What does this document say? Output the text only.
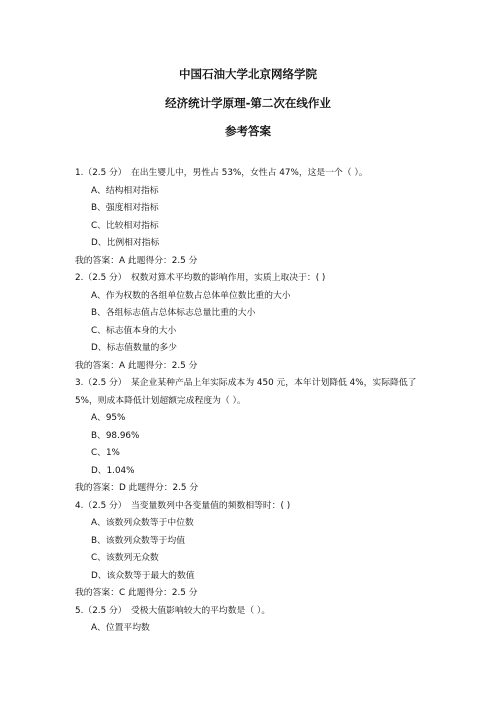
中国石油大学北京网络学院
经济统计学原理-第二次在线作业
参考答案
1.（2.5 分）　在出生婴儿中，男性占 53%，女性占 47%，这是一个（ ）。
A、结构相对指标
B、强度相对指标
C、比较相对指标
D、比例相对指标
我的答案：A 此题得分：2.5 分
2.（2.5 分）　权数对算术平均数的影响作用，实质上取决于：( )
A、作为权数的各组单位数占总体单位数比重的大小
B、各组标志值占总体标志总量比重的大小
C、标志值本身的大小
D、标志值数量的多少
我的答案：A 此题得分：2.5 分
3.（2.5 分）　某企业某种产品上年实际成本为 450 元，本年计划降低 4%，实际降低了 5%，则成本降低计划超额完成程度为（ ）。
A、95%
B、98.96%
C、1%
D、1.04%
我的答案：D 此题得分：2.5 分
4.（2.5 分）　当变量数列中各变量值的频数相等时：( )
A、该数列众数等于中位数
B、该数列众数等于均值
C、该数列无众数
D、该众数等于最大的数值
我的答案：C 此题得分：2.5 分
5.（2.5 分）　受极大值影响较大的平均数是（ ）。
A、位置平均数
